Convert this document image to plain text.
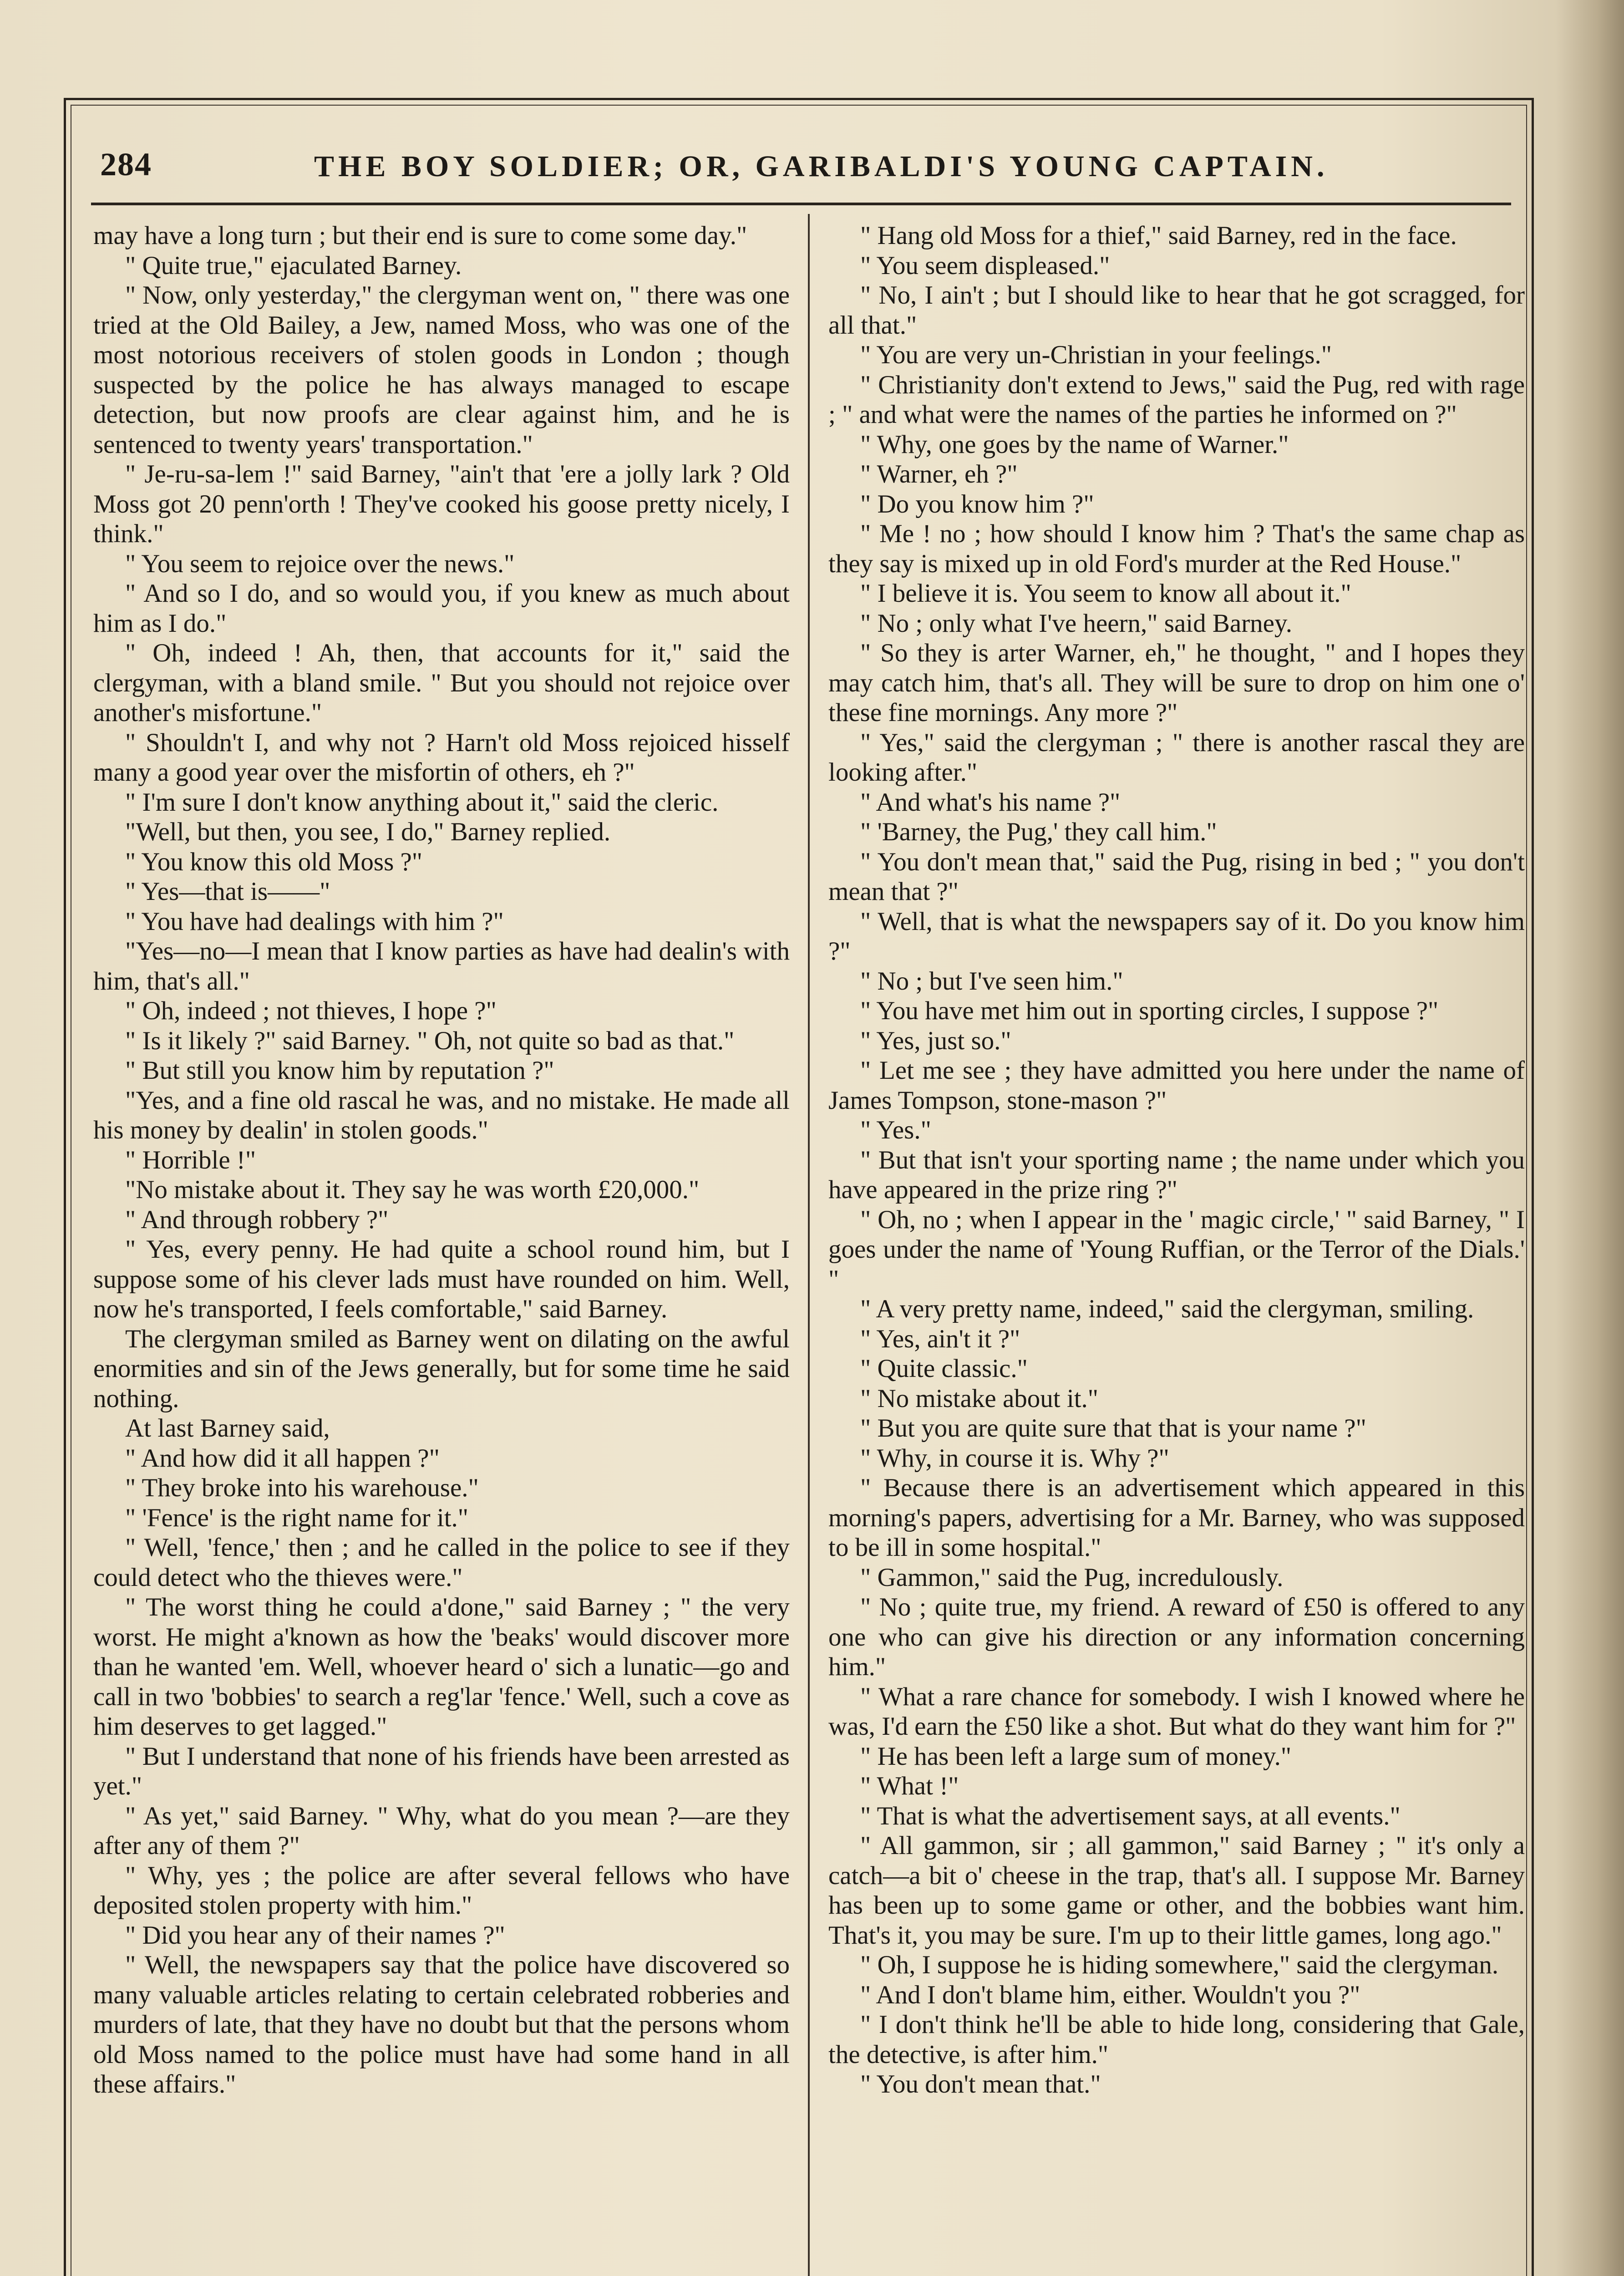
284	THE BOY SOLDIER; OR, GARIBALDI'S YOUNG CAPTAIN.

may have a long turn ; but their end is sure to come some day."

" Quite true," ejaculated Barney.

" Now, only yesterday," the clergyman went on, " there was one tried at the Old Bailey, a Jew, named Moss, who was one of the most notorious receivers of stolen goods in London ; though suspected by the police he has always managed to escape detection, but now proofs are clear against him, and he is sentenced to twenty years' transportation."

" Je-ru-sa-lem !" said Barney, "ain't that 'ere a jolly lark ? Old Moss got 20 penn'orth ! They've cooked his goose pretty nicely, I think."

" You seem to rejoice over the news."

" And so I do, and so would you, if you knew as much about him as I do."

" Oh, indeed ! Ah, then, that accounts for it," said the clergyman, with a bland smile. " But you should not rejoice over another's misfortune."

" Shouldn't I, and why not ? Harn't old Moss rejoiced hisself many a good year over the misfortin of others, eh ?"

" I'm sure I don't know anything about it," said the cleric.

"Well, but then, you see, I do," Barney replied.

" You know this old Moss ?"

" Yes—that is——"

" You have had dealings with him ?"

"Yes—no—I mean that I know parties as have had dealin's with him, that's all."

" Oh, indeed ; not thieves, I hope ?"

" Is it likely ?" said Barney. " Oh, not quite so bad as that."

" But still you know him by reputation ?"

"Yes, and a fine old rascal he was, and no mistake. He made all his money by dealin' in stolen goods."

" Horrible !"

"No mistake about it. They say he was worth £20,000."

" And through robbery ?"

" Yes, every penny. He had quite a school round him, but I suppose some of his clever lads must have rounded on him. Well, now he's transported, I feels comfortable," said Barney.

The clergyman smiled as Barney went on dilating on the awful enormities and sin of the Jews generally, but for some time he said nothing.

At last Barney said,

" And how did it all happen ?"

" They broke into his warehouse."

" 'Fence' is the right name for it."

" Well, 'fence,' then ; and he called in the police to see if they could detect who the thieves were."

" The worst thing he could a'done," said Barney ; " the very worst. He might a'known as how the 'beaks' would discover more than he wanted 'em. Well, whoever heard o' sich a lunatic—go and call in two 'bobbies' to search a reg'lar 'fence.' Well, such a cove as him deserves to get lagged."

" But I understand that none of his friends have been arrested as yet."

" As yet," said Barney. " Why, what do you mean ?—are they after any of them ?"

" Why, yes ; the police are after several fellows who have deposited stolen property with him."

" Did you hear any of their names ?"

" Well, the newspapers say that the police have discovered so many valuable articles relating to certain celebrated robberies and murders of late, that they have no doubt but that the persons whom old Moss named to the police must have had some hand in all these affairs."

" Hang old Moss for a thief," said Barney, red in the face.

" You seem displeased."

" No, I ain't ; but I should like to hear that he got scragged, for all that."

" You are very un-Christian in your feelings."

" Christianity don't extend to Jews," said the Pug, red with rage ; " and what were the names of the parties he informed on ?"

" Why, one goes by the name of Warner."

" Warner, eh ?"

" Do you know him ?"

" Me ! no ; how should I know him ? That's the same chap as they say is mixed up in old Ford's murder at the Red House."

" I believe it is. You seem to know all about it."

" No ; only what I've heern," said Barney.

" So they is arter Warner, eh," he thought, " and I hopes they may catch him, that's all. They will be sure to drop on him one o' these fine mornings. Any more ?"

" Yes," said the clergyman ; " there is another rascal they are looking after."

" And what's his name ?"

" 'Barney, the Pug,' they call him."

" You don't mean that," said the Pug, rising in bed ; " you don't mean that ?"

" Well, that is what the newspapers say of it. Do you know him ?"

" No ; but I've seen him."

" You have met him out in sporting circles, I suppose ?"

" Yes, just so."

" Let me see ; they have admitted you here under the name of James Tompson, stone-mason ?"

" Yes."

" But that isn't your sporting name ; the name under which you have appeared in the prize ring ?"

" Oh, no ; when I appear in the ' magic circle,' " said Barney, " I goes under the name of 'Young Ruffian, or the Terror of the Dials.' "

" A very pretty name, indeed," said the clergyman, smiling.

" Yes, ain't it ?"

" Quite classic."

" No mistake about it."

" But you are quite sure that that is your name ?"

" Why, in course it is. Why ?"

" Because there is an advertisement which appeared in this morning's papers, advertising for a Mr. Barney, who was supposed to be ill in some hospital."

" Gammon," said the Pug, incredulously.

" No ; quite true, my friend. A reward of £50 is offered to any one who can give his direction or any information concerning him."

" What a rare chance for somebody. I wish I knowed where he was, I'd earn the £50 like a shot. But what do they want him for ?"

" He has been left a large sum of money."

" What !"

" That is what the advertisement says, at all events."

" All gammon, sir ; all gammon," said Barney ; " it's only a catch—a bit o' cheese in the trap, that's all. I suppose Mr. Barney has been up to some game or other, and the bobbies want him. That's it, you may be sure. I'm up to their little games, long ago."

" Oh, I suppose he is hiding somewhere," said the clergyman.

" And I don't blame him, either. Wouldn't you ?"

" I don't think he'll be able to hide long, considering that Gale, the detective, is after him."

" You don't mean that."
